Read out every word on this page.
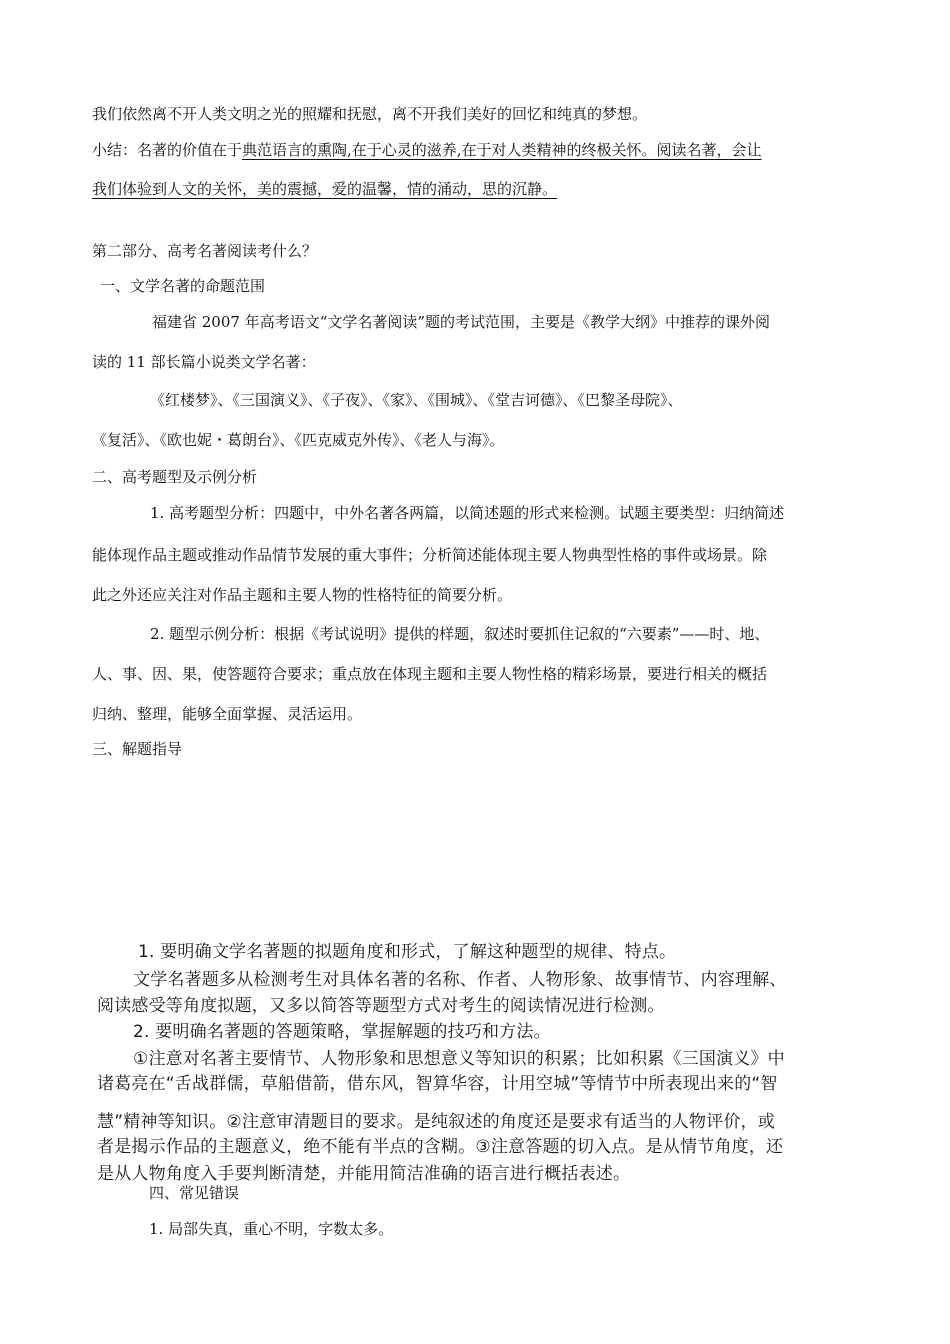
我们依然离不开人类文明之光的照耀和抚慰，离不开我们美好的回忆和纯真的梦想。
小结：名著的价值在于典范语言的熏陶,在于心灵的滋养,在于对人类精神的终极关怀。阅读名著，会让
我们体验到人文的关怀，美的震撼，爱的温馨，情的涌动，思的沉静。
第二部分、高考名著阅读考什么？
一、文学名著的命题范围
福建省 2007 年高考语文“文学名著阅读”题的考试范围，主要是《教学大纲》中推荐的课外阅
读的 11 部长篇小说类文学名著：
《红楼梦》、《三国演义》、《子夜》、《家》、《围城》、《堂吉诃德》、《巴黎圣母院》、
《复活》、《欧也妮・葛朗台》、《匹克威克外传》、《老人与海》。
二、高考题型及示例分析
1. 高考题型分析：四题中，中外名著各两篇，以简述题的形式来检测。试题主要类型：归纳简述
能体现作品主题或推动作品情节发展的重大事件；分析简述能体现主要人物典型性格的事件或场景。除
此之外还应关注对作品主题和主要人物的性格特征的简要分析。
2. 题型示例分析：根据《考试说明》提供的样题，叙述时要抓住记叙的“六要素”——时、地、
人、事、因、果，使答题符合要求；重点放在体现主题和主要人物性格的精彩场景，要进行相关的概括
归纳、整理，能够全面掌握、灵活运用。
三、解题指导
1. 要明确文学名著题的拟题角度和形式，了解这种题型的规律、特点。
文学名著题多从检测考生对具体名著的名称、作者、人物形象、故事情节、内容理解、
阅读感受等角度拟题，又多以简答等题型方式对考生的阅读情况进行检测。
2. 要明确名著题的答题策略，掌握解题的技巧和方法。
①注意对名著主要情节、人物形象和思想意义等知识的积累；比如积累《三国演义》中
诸葛亮在“舌战群儒，草船借箭，借东风，智算华容，计用空城”等情节中所表现出来的“智
慧”精神等知识。②注意审清题目的要求。是纯叙述的角度还是要求有适当的人物评价，或
者是揭示作品的主题意义，绝不能有半点的含糊。③注意答题的切入点。是从情节角度，还
是从人物角度入手要判断清楚，并能用简洁准确的语言进行概括表述。
四、常见错误
1. 局部失真，重心不明，字数太多。
